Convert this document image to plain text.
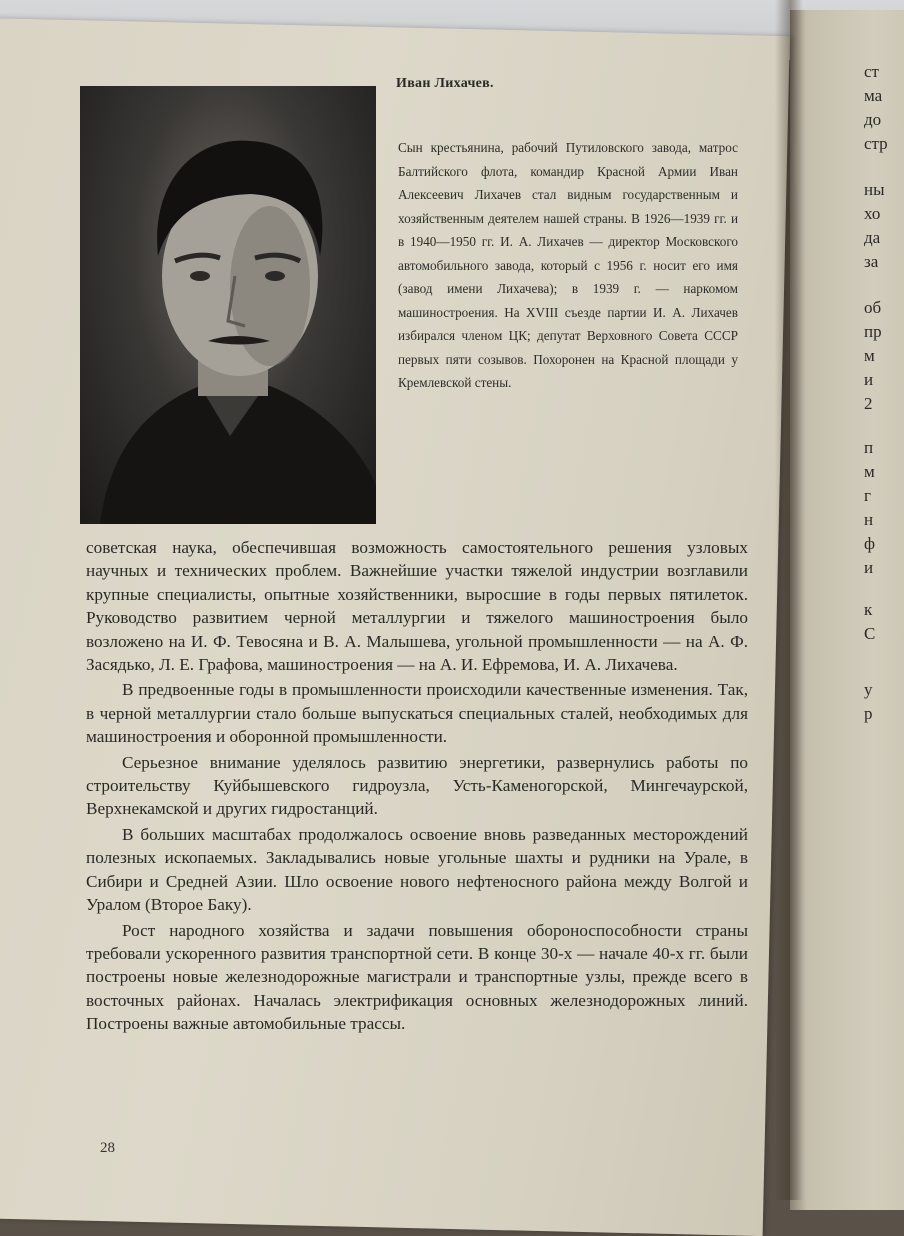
Иван Лихачев.
Сын крестьянина, рабочий Путиловского завода, матрос Балтийского флота, командир Красной Армии Иван Алексеевич Лихачев стал видным государственным и хозяйственным деятелем нашей страны. В 1926—1939 гг. и в 1940—1950 гг. И. А. Лихачев — директор Московского автомобильного завода, который с 1956 г. носит его имя (завод имени Лихачева); в 1939 г. — наркомом машиностроения. На XVIII съезде партии И. А. Лихачев избирался членом ЦК; депутат Верховного Совета СССР первых пяти созывов. Похоронен на Красной площади у Кремлевской стены.

советская наука, обеспечившая возможность самостоятельного решения узловых научных и технических проблем. Важнейшие участки тяжелой индустрии возглавили крупные специалисты, опытные хозяйственники, выросшие в годы первых пятилеток. Руководство развитием черной металлургии и тяжелого машиностроения было возложено на И. Ф. Тевосяна и В. А. Малышева, угольной промышленности — на А. Ф. Засядько, Л. Е. Графова, машиностроения — на А. И. Ефремова, И. А. Лихачева.

В предвоенные годы в промышленности происходили качественные изменения. Так, в черной металлургии стало больше выпускаться специальных сталей, необходимых для машиностроения и оборонной промышленности.

Серьезное внимание уделялось развитию энергетики, развернулись работы по строительству Куйбышевского гидроузла, Усть-Каменогорской, Мингечаурской, Верхнекамской и других гидростанций.

В больших масштабах продолжалось освоение вновь разведанных месторождений полезных ископаемых. Закладывались новые угольные шахты и рудники на Урале, в Сибири и Средней Азии. Шло освоение нового нефтеносного района между Волгой и Уралом (Второе Баку).

Рост народного хозяйства и задачи повышения обороноспособности страны требовали ускоренного развития транспортной сети. В конце 30-х — начале 40-х гг. были построены новые железнодорожные магистрали и транспортные узлы, прежде всего в восточных районах. Началась электрификация основных железнодорожных линий. Построены важные автомобильные трассы.

28
ст
ма
до
стр
ны
хо
да
за
об
пр
м
и
2
п
м
г
н
ф
и
к
С
у
р
